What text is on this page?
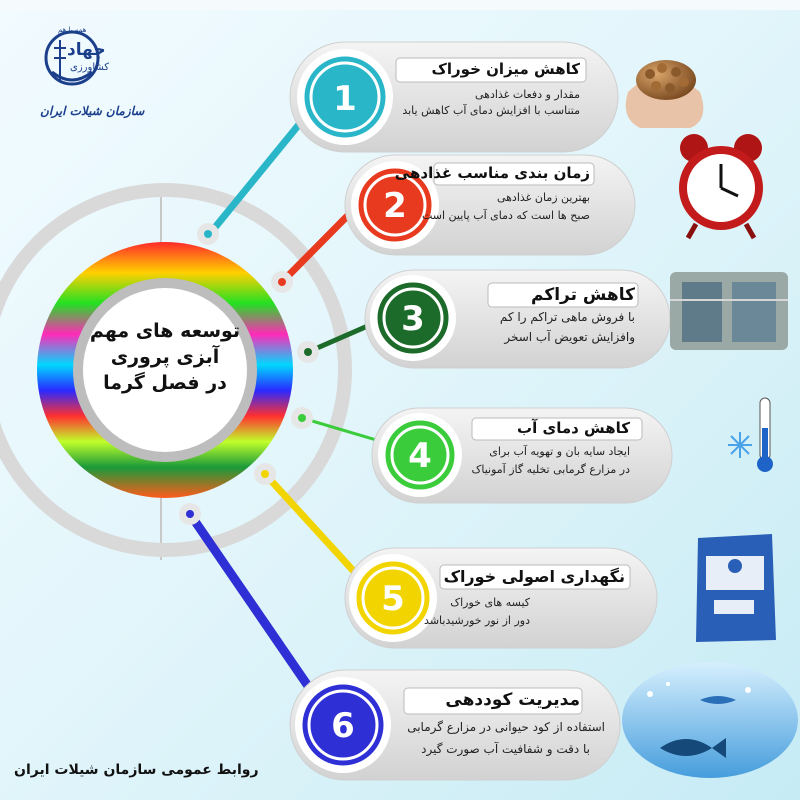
1
2
3
4
5
6
همه با هم
جهاد
کشاورزی
سازمان شیلات ایران
توسعه های مهم
آبزی پروری
در فصل گرما
کاهش میزان خوراک
مقدار و دفعات غذادهی
متناسب با افزایش دمای آب کاهش یابد
زمان بندی مناسب غذادهی
بهترین زمان غذادهی
صبح ها است که دمای آب پایین است
کاهش تراکم
با فروش ماهی تراکم را کم
وافزایش تعویض آب اسخر
کاهش دمای آب
ایجاد سایه بان و تهویه آب برای
در مزارع گرمابی تخلیه گاز آمونیاک
نگهداری اصولی خوراک
کیسه های خوراک
دور از نور خورشیدباشد
مدیریت کوددهی
استفاده از کود حیوانی در مزارع گرمابی
با دقت و شفافیت آب صورت گیرد
روابط عمومی سازمان شیلات ایران
